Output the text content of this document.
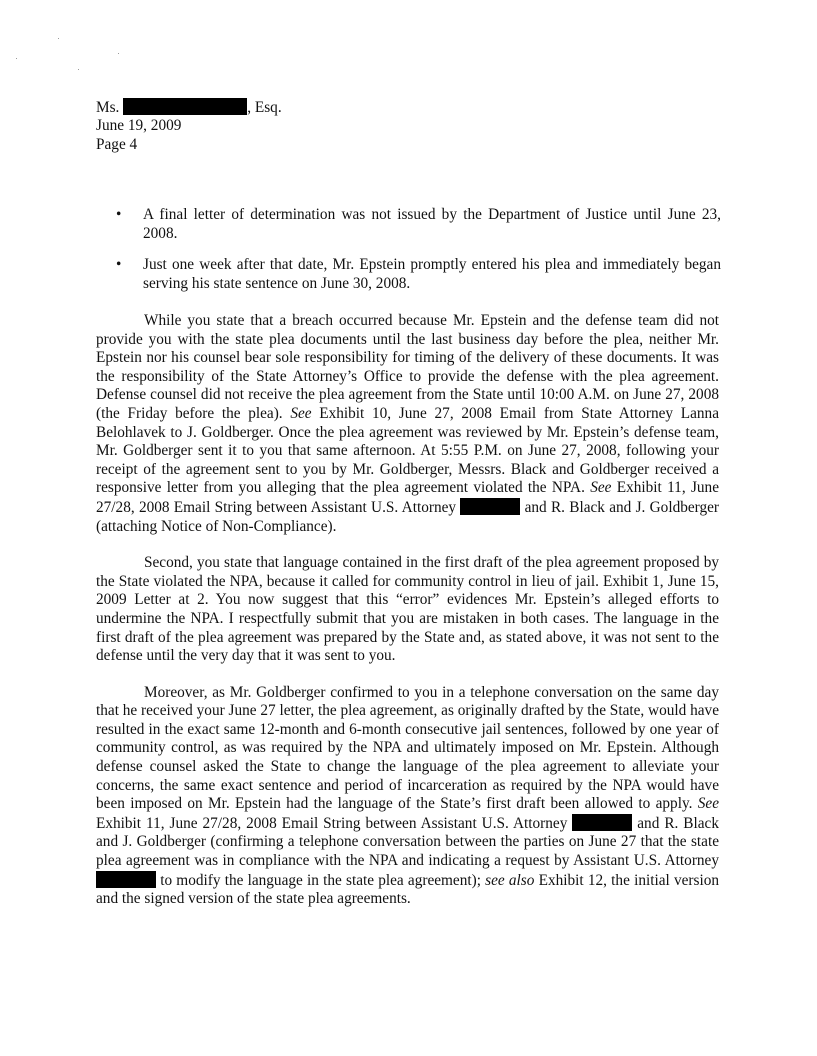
Ms.	, Esq.
June 19, 2009
Page 4
• A final letter of determination was not issued by the Department of Justice until June 23, 2008.
• Just one week after that date, Mr. Epstein promptly entered his plea and immediately began serving his state sentence on June 30, 2008.

While you state that a breach occurred because Mr. Epstein and the defense team did not provide you with the state plea documents until the last business day before the plea, neither Mr. Epstein nor his counsel bear sole responsibility for timing of the delivery of these documents. It was the responsibility of the State Attorney’s Office to provide the defense with the plea agreement. Defense counsel did not receive the plea agreement from the State until 10:00 A.M. on June 27, 2008 (the Friday before the plea). See Exhibit 10, June 27, 2008 Email from State Attorney Lanna Belohlavek to J. Goldberger. Once the plea agreement was reviewed by Mr. Epstein’s defense team, Mr. Goldberger sent it to you that same afternoon. At 5:55 P.M. on June 27, 2008, following your receipt of the agreement sent to you by Mr. Goldberger, Messrs. Black and Goldberger received a responsive letter from you alleging that the plea agreement violated the NPA. See Exhibit 11, June 27/28, 2008 Email String between Assistant U.S. Attorney	and R. Black and J. Goldberger (attaching Notice of Non-Compliance).

Second, you state that language contained in the first draft of the plea agreement proposed by the State violated the NPA, because it called for community control in lieu of jail. Exhibit 1, June 15, 2009 Letter at 2. You now suggest that this “error” evidences Mr. Epstein’s alleged efforts to undermine the NPA. I respectfully submit that you are mistaken in both cases. The language in the first draft of the plea agreement was prepared by the State and, as stated above, it was not sent to the defense until the very day that it was sent to you.

Moreover, as Mr. Goldberger confirmed to you in a telephone conversation on the same day that he received your June 27 letter, the plea agreement, as originally drafted by the State, would have resulted in the exact same 12-month and 6-month consecutive jail sentences, followed by one year of community control, as was required by the NPA and ultimately imposed on Mr. Epstein. Although defense counsel asked the State to change the language of the plea agreement to alleviate your concerns, the same exact sentence and period of incarceration as required by the NPA would have been imposed on Mr. Epstein had the language of the State’s first draft been allowed to apply. See Exhibit 11, June 27/28, 2008 Email String between Assistant U.S. Attorney	and R. Black and J. Goldberger (confirming a telephone conversation between the parties on June 27 that the state plea agreement was in compliance with the NPA and indicating a request by Assistant U.S. Attorney  to modify the language in the state plea agreement); see also Exhibit 12, the initial version and the signed version of the state plea agreements.
